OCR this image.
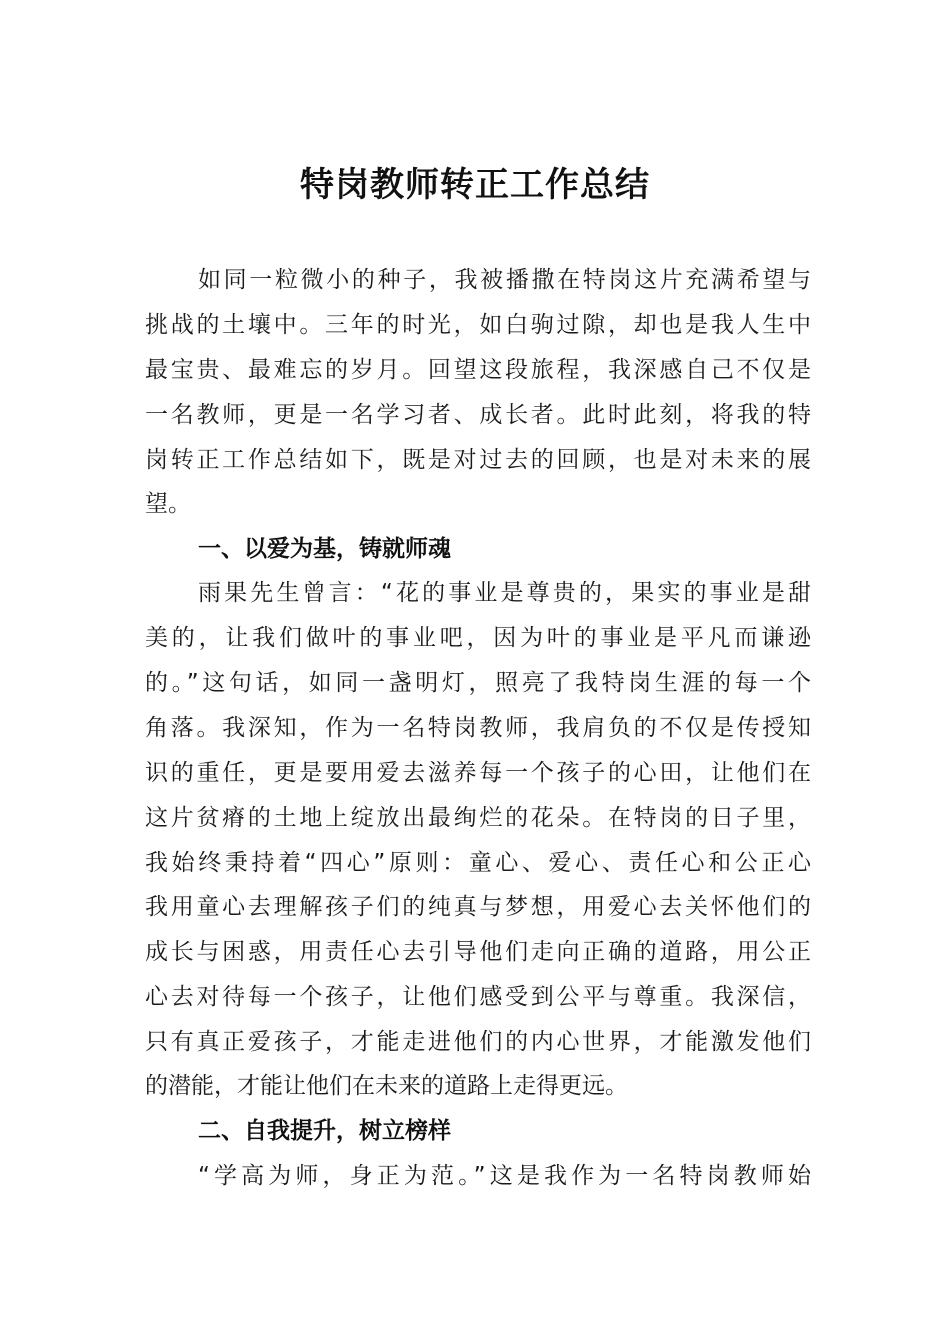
特岗教师转正工作总结
如同一粒微小的种子，我被播撒在特岗这片充满希望与
挑战的土壤中。三年的时光，如白驹过隙，却也是我人生中
最宝贵、最难忘的岁月。回望这段旅程，我深感自己不仅是
一名教师，更是一名学习者、成长者。此时此刻，将我的特
岗转正工作总结如下，既是对过去的回顾，也是对未来的展
望。
一、以爱为基，铸就师魂
雨果先生曾言：“花的事业是尊贵的，果实的事业是甜
美的，让我们做叶的事业吧，因为叶的事业是平凡而谦逊
的。”这句话，如同一盏明灯，照亮了我特岗生涯的每一个
角落。我深知，作为一名特岗教师，我肩负的不仅是传授知
识的重任，更是要用爱去滋养每一个孩子的心田，让他们在
这片贫瘠的土地上绽放出最绚烂的花朵。在特岗的日子里，
我始终秉持着“四心”原则：童心、爱心、责任心和公正心
我用童心去理解孩子们的纯真与梦想，用爱心去关怀他们的
成长与困惑，用责任心去引导他们走向正确的道路，用公正
心去对待每一个孩子，让他们感受到公平与尊重。我深信，
只有真正爱孩子，才能走进他们的内心世界，才能激发他们
的潜能，才能让他们在未来的道路上走得更远。
二、自我提升，树立榜样
“学高为师，身正为范。”这是我作为一名特岗教师始
